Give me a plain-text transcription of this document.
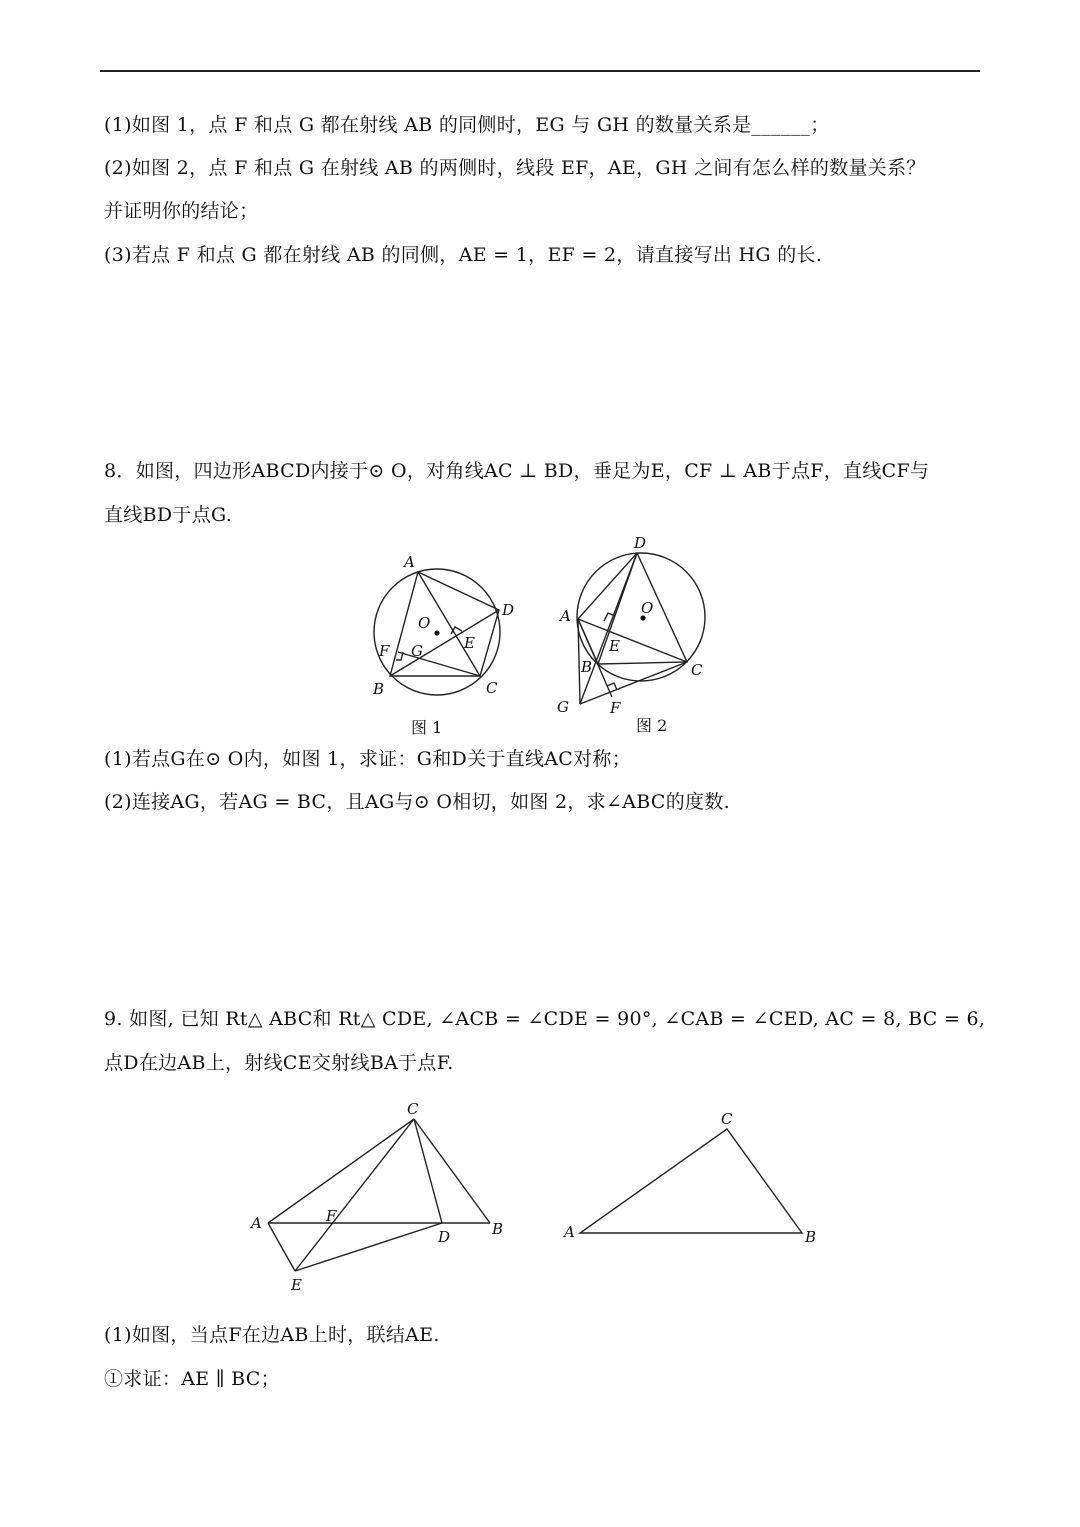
(1)如图 1，点 F 和点 G 都在射线 AB 的同侧时，EG 与 GH 的数量关系是______；
(2)如图 2，点 F 和点 G 在射线 AB 的两侧时，线段 EF，AE，GH 之间有怎么样的数量关系？
并证明你的结论；
(3)若点 F 和点 G 都在射线 AB 的同侧，AE = 1，EF = 2，请直接写出 HG 的长.
8．如图，四边形ABCD内接于⊙ O，对角线AC ⊥ BD，垂足为E，CF ⊥ AB于点F，直线CF与
直线BD于点G.
A
B	C
D
E
F G
O
图 1
A
B	C
D
E
F
G
O
图 2
(1)若点G在⊙ O内，如图 1，求证：G和D关于直线AC对称；
(2)连接AG，若AG = BC，且AG与⊙ O相切，如图 2，求∠ABC的度数.
9. 如图, 已知 Rt△ ABC和 Rt△ CDE, ∠ACB = ∠CDE = 90°, ∠CAB = ∠CED, AC = 8, BC = 6,
点D在边AB上，射线CE交射线BA于点F.
A	B
C
D
E
F
A	B
C
(1)如图，当点F在边AB上时，联结AE.
①求证：AE ∥ BC；
